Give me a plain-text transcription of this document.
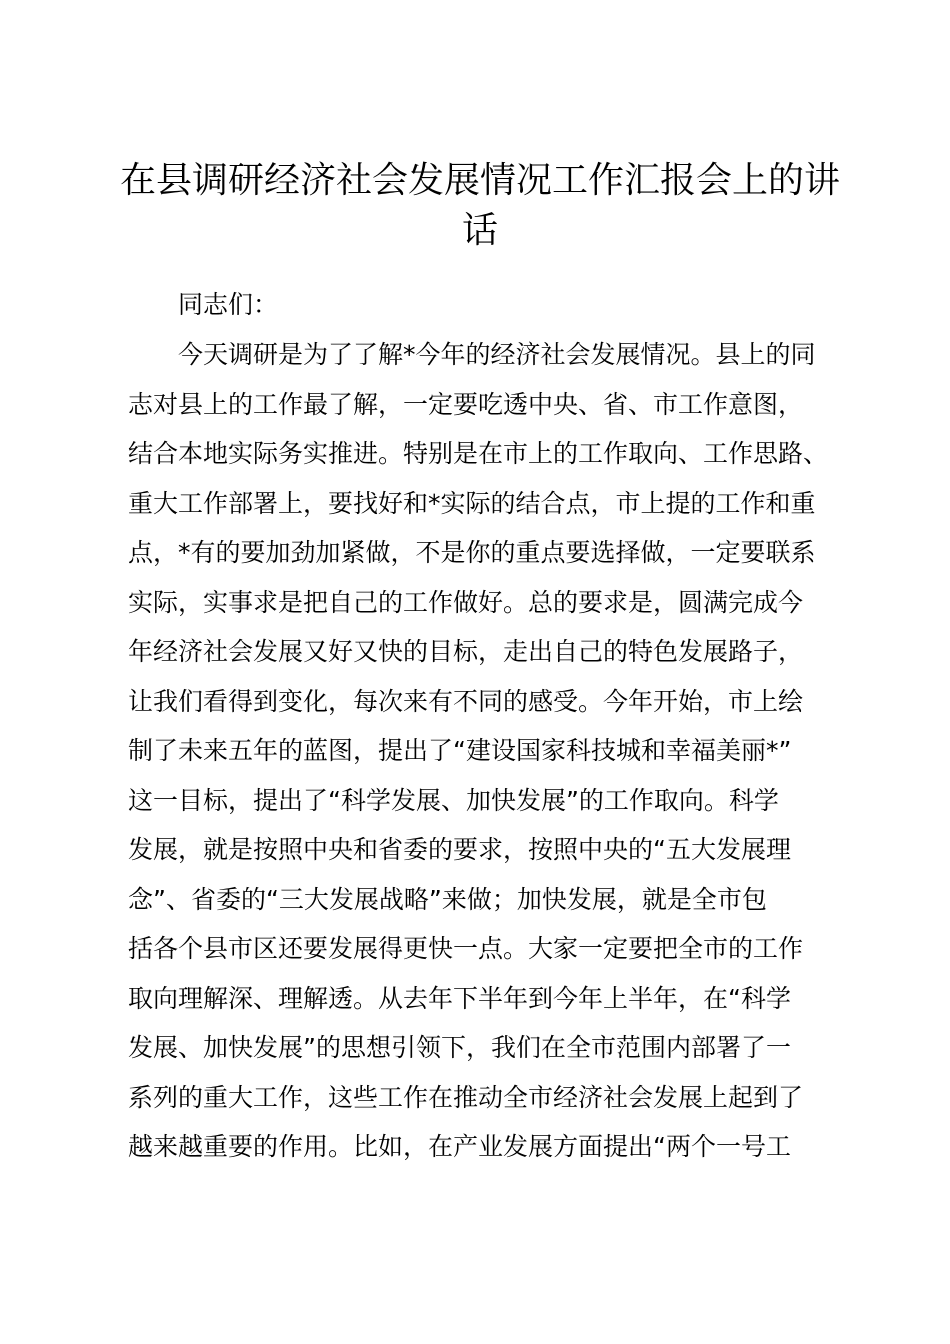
在县调研经济社会发展情况工作汇报会上的讲
话

同志们：

今天调研是为了了解*今年的经济社会发展情况。县上的同

志对县上的工作最了解，一定要吃透中央、省、市工作意图，

结合本地实际务实推进。特别是在市上的工作取向、工作思路、

重大工作部署上，要找好和*实际的结合点，市上提的工作和重

点，*有的要加劲加紧做，不是你的重点要选择做，一定要联系

实际，实事求是把自己的工作做好。总的要求是，圆满完成今

年经济社会发展又好又快的目标，走出自己的特色发展路子，

让我们看得到变化，每次来有不同的感受。今年开始，市上绘

制了未来五年的蓝图，提出了“建设国家科技城和幸福美丽*”

这一目标，提出了“科学发展、加快发展”的工作取向。科学

发展，就是按照中央和省委的要求，按照中央的“五大发展理

念”、省委的“三大发展战略”来做；加快发展，就是全市包

括各个县市区还要发展得更快一点。大家一定要把全市的工作

取向理解深、理解透。从去年下半年到今年上半年，在“科学

发展、加快发展”的思想引领下，我们在全市范围内部署了一

系列的重大工作，这些工作在推动全市经济社会发展上起到了

越来越重要的作用。比如，在产业发展方面提出“两个一号工
